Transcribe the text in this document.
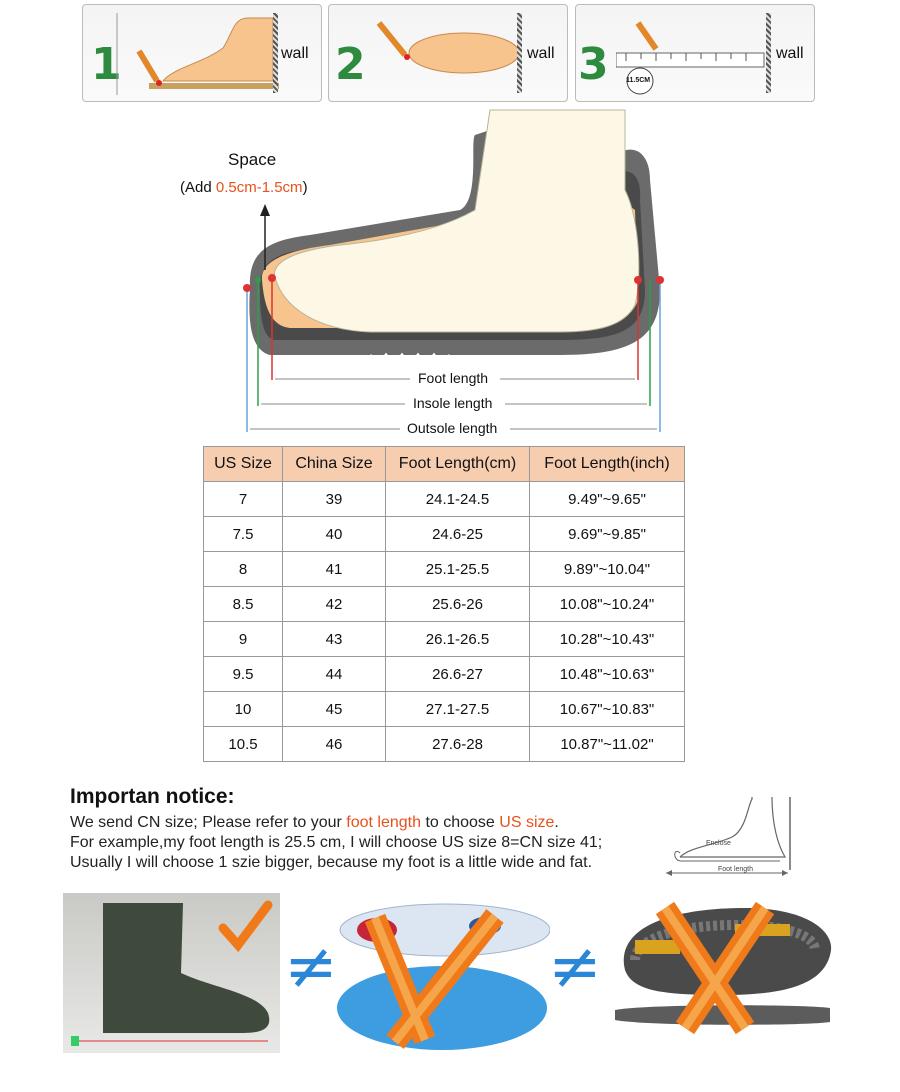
1	wall 2	wall 3 11.5CM
wall
Space
(Add 0.5cm-1.5cm)
Foot length
Insole length
Outsole length
US Size	China Size	Foot Length(cm)	Foot Length(inch)
7	39	24.1-24.5	9.49"~9.65"
7.5	40	24.6-25	9.69"~9.85"
8	41	25.1-25.5	9.89"~10.04"
8.5	42	25.6-26	10.08"~10.24"
9	43	26.1-26.5	10.28"~10.43"
9.5	44	26.6-27	10.48"~10.63"
10	45	27.1-27.5	10.67"~10.83"
10.5	46	27.6-28	10.87"~11.02"
Importan notice:
We send CN size; Please refer to your foot length to choose US size.
For example,my foot length is 25.5 cm, I will choose US size 8=CN size 41;
Usually I will choose 1 szie bigger, because my foot is a little wide and fat.
Enclose
Foot length
≠	≠
